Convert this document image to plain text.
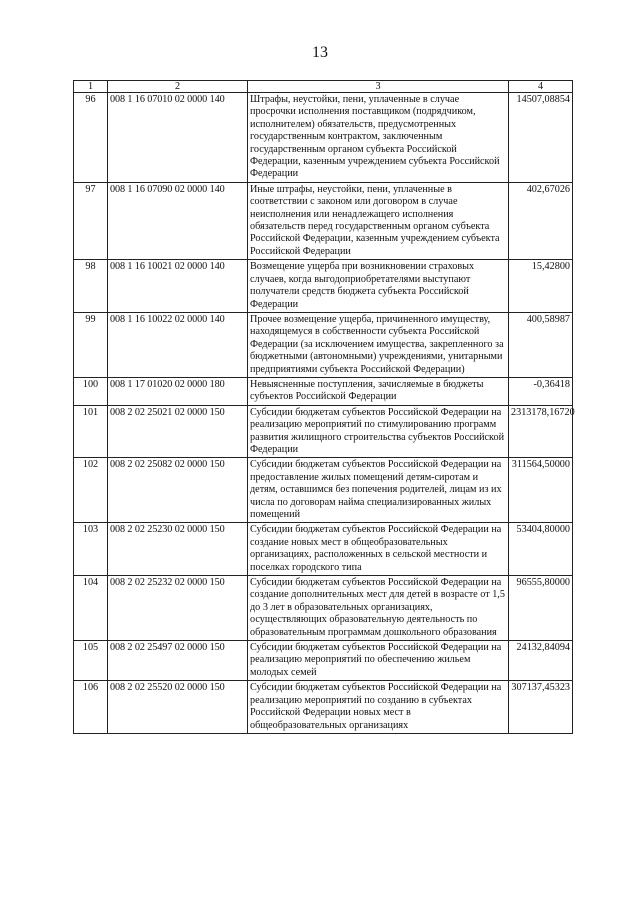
13
1	2	3	4
96	008 1 16 07010 02 0000 140	Штрафы, неустойки, пени, уплаченные в случае просрочки исполнения поставщиком (подрядчиком, исполнителем) обязательств, предусмотренных государственным контрактом, заключенным государственным органом субъекта Российской Федерации, казенным учреждением субъекта Российской Федерации	14507,08854
97	008 1 16 07090 02 0000 140	Иные штрафы, неустойки, пени, уплаченные в соответствии с законом или договором в случае неисполнения или ненадлежащего исполнения обязательств перед государственным органом субъекта Российской Федерации, казенным учреждением субъекта Российской Федерации	402,67026
98	008 1 16 10021 02 0000 140	Возмещение ущерба при возникновении страховых случаев, когда выгодоприобретателями выступают получатели средств бюджета субъекта Российской Федерации	15,42800
99	008 1 16 10022 02 0000 140	Прочее возмещение ущерба, причиненного имуществу, находящемуся в собственности субъекта Российской Федерации (за исключением имущества, закрепленного за бюджетными (автономными) учреждениями, унитарными предприятиями субъекта Российской Федерации)	400,58987
100	008 1 17 01020 02 0000 180	Невыясненные поступления, зачисляемые в бюджеты субъектов Российской Федерации	-0,36418
101	008 2 02 25021 02 0000 150	Субсидии бюджетам субъектов Российской Федерации на реализацию мероприятий по стимулированию программ развития жилищного строительства субъектов Российской Федерации	2313178,16720
102	008 2 02 25082 02 0000 150	Субсидии бюджетам субъектов Российской Федерации на предоставление жилых помещений детям-сиротам и детям, оставшимся без попечения родителей, лицам из их числа по договорам найма специализированных жилых помещений	311564,50000
103	008 2 02 25230 02 0000 150	Субсидии бюджетам субъектов Российской Федерации на создание новых мест в общеобразовательных организациях, расположенных в сельской местности и поселках городского типа	53404,80000
104	008 2 02 25232 02 0000 150	Субсидии бюджетам субъектов Российской Федерации на создание дополнительных мест для детей в возрасте от 1,5 до 3 лет в образовательных организациях, осуществляющих образовательную деятельность по образовательным программам дошкольного образования	96555,80000
105	008 2 02 25497 02 0000 150	Субсидии бюджетам субъектов Российской Федерации на реализацию мероприятий по обеспечению жильем молодых семей	24132,84094
106	008 2 02 25520 02 0000 150	Субсидии бюджетам субъектов Российской Федерации на реализацию мероприятий по созданию в субъектах Российской Федерации новых мест в общеобразовательных организациях	307137,45323
